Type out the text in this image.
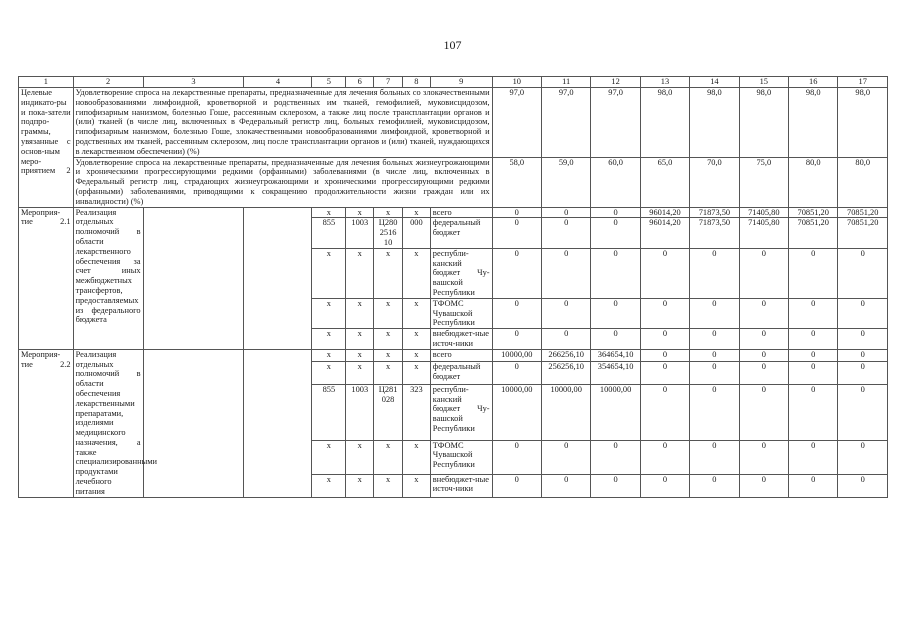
107
1	2	3	4	5	6	7	8	9	10	11	12	13	14	15	16	17
Целевые индикато-ры и пока-затели подпро-граммы, увязанные с основ-ным меро-приятием 2	Удовлетворение спроса на лекарственные препараты, предназначенные для лечения больных со злокачественными новообразованиями лимфоидной, кроветворной и родственных им тканей, гемофилией, муковисцидозом, гипофизарным нанизмом, болезнью Гоше, рассеянным склерозом, а также лиц после трансплантации органов и (или) тканей (в числе лиц, включенных в Федеральный регистр лиц, больных гемофилией, муковисцидозом, гипофизарным нанизмом, болезнью Гоше, злокачественными новообразованиями лимфоидной, кроветворной и родственных им тканей, рассеянным склерозом, лиц после трансплантации органов и (или) тканей, нуждающихся в лекарственном обеспечении) (%)								97,0	97,0	97,0	98,0	98,0	98,0	98,0	98,0
	Удовлетворение спроса на лекарственные препараты, предназначенные для лечения больных жизнеугрожающими и хроническими прогрессирующими редкими (орфанными) заболеваниями (в числе лиц, включенных в Федеральный регистр лиц, страдающих жизнеугрожающими и хроническими прогрессирующими редкими (орфанными) заболеваниями, приводящими к сокращению продолжительности жизни граждан или их инвалидности) (%)								58,0	59,0	60,0	65,0	70,0	75,0	80,0	80,0
Мероприя-тие 2.1	Реализация отдельных полномочий в области лекарственного обеспечения за счет иных межбюджетных трансфертов, предоставляемых из федерального бюджета			x	x	x	x	всего	0	0	0	96014,20	71873,50	71405,80	70851,20	70851,20
				855	1003	Ц280
2516
10	000	федеральный бюджет	0	0	0	96014,20	71873,50	71405,80	70851,20	70851,20
				x	x	x	x	республи-канский бюджет Чу-вашской Республики	0	0	0	0	0	0	0	0
				x	x	x	x	ТФОМС Чувашской Республики	0	0	0	0	0	0	0	0
				x	x	x	x	внебюджет-ные источ-ники	0	0	0	0	0	0	0	0
Мероприя-тие 2.2	Реализация отдельных полномочий в области обеспечения лекарственными препаратами, изделиями медицинского назначения, а также специализированными продуктами лечебного питания			x	x	x	x	всего	10000,00	266256,10	364654,10	0	0	0	0	0
				x	x	x	x	федеральный бюджет	0	256256,10	354654,10	0	0	0	0	0
				855	1003	Ц281
028	323	республи-канский бюджет Чу-вашской Республики	10000,00	10000,00	10000,00	0	0	0	0	0
				x	x	x	x	ТФОМС Чувашской Республики	0	0	0	0	0	0	0	0
				x	x	x	x	внебюджет-ные источ-ники	0	0	0	0	0	0	0	0
